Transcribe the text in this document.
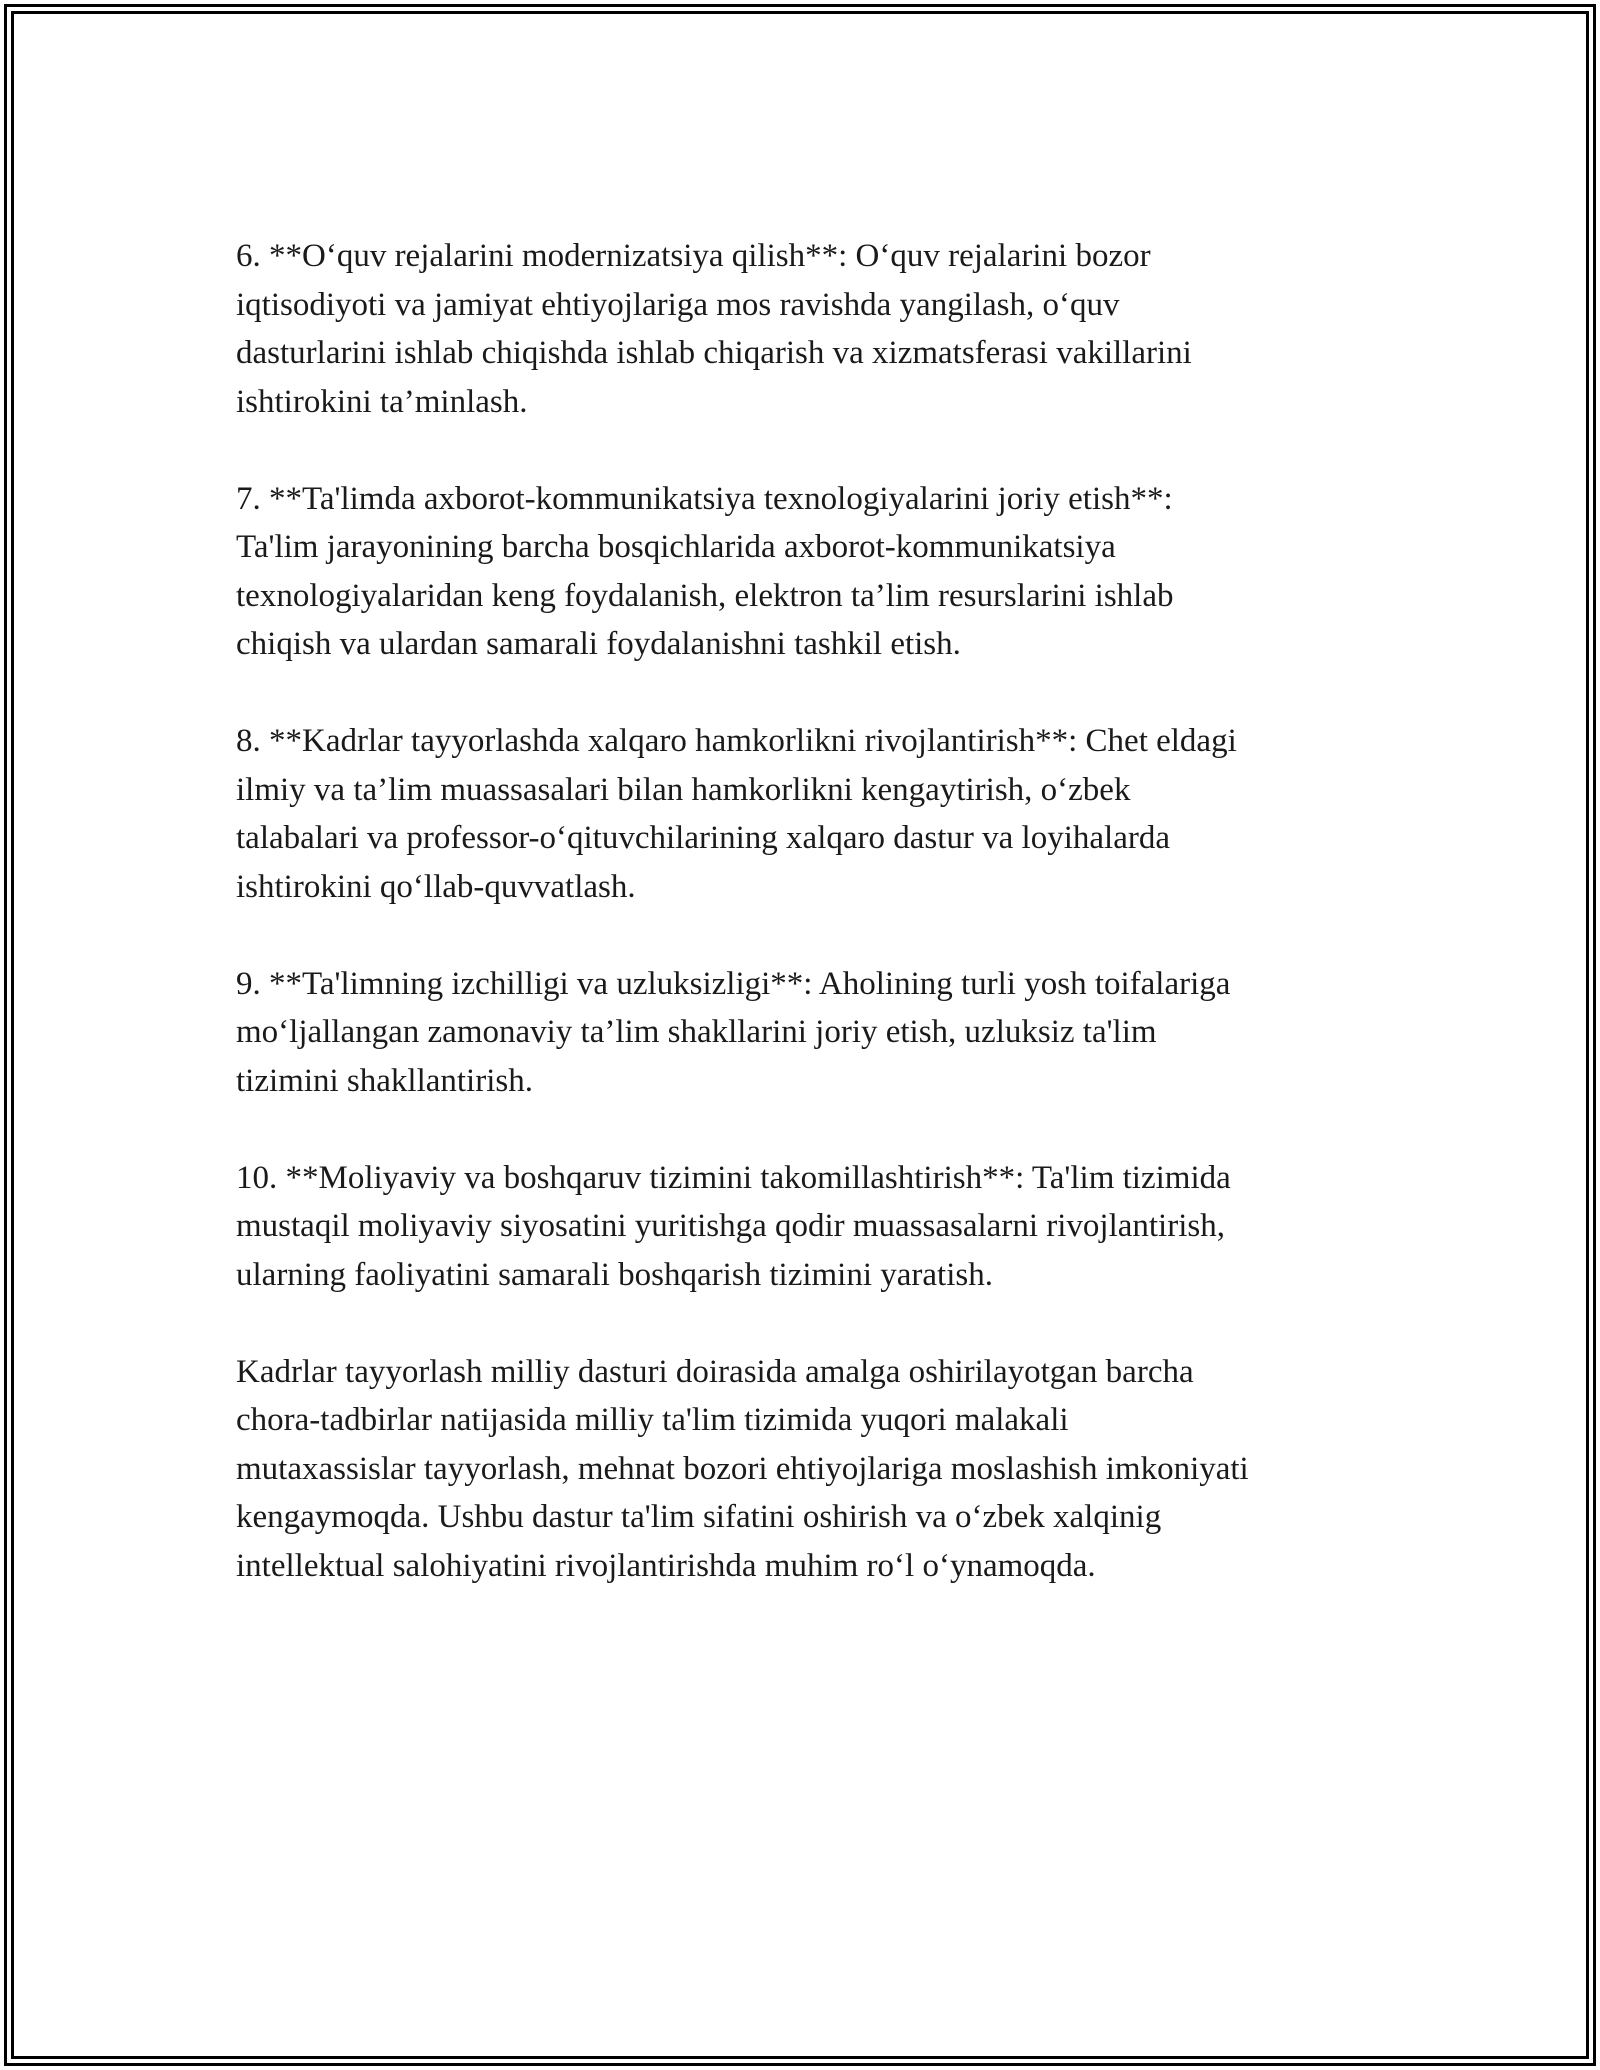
6. **O‘quv rejalarini modernizatsiya qilish**: O‘quv rejalarini bozor
iqtisodiyoti va jamiyat ehtiyojlariga mos ravishda yangilash, o‘quv
dasturlarini ishlab chiqishda ishlab chiqarish va xizmatsferasi vakillarini
ishtirokini ta’minlash.

7. **Ta'limda axborot-kommunikatsiya texnologiyalarini joriy etish**:
Ta'lim jarayonining barcha bosqichlarida axborot-kommunikatsiya
texnologiyalaridan keng foydalanish, elektron ta’lim resurslarini ishlab
chiqish va ulardan samarali foydalanishni tashkil etish.

8. **Kadrlar tayyorlashda xalqaro hamkorlikni rivojlantirish**: Chet eldagi
ilmiy va ta’lim muassasalari bilan hamkorlikni kengaytirish, o‘zbek
talabalari va professor-o‘qituvchilarining xalqaro dastur va loyihalarda
ishtirokini qo‘llab-quvvatlash.

9. **Ta'limning izchilligi va uzluksizligi**: Aholining turli yosh toifalariga
mo‘ljallangan zamonaviy ta’lim shakllarini joriy etish, uzluksiz ta'lim
tizimini shakllantirish.

10. **Moliyaviy va boshqaruv tizimini takomillashtirish**: Ta'lim tizimida
mustaqil moliyaviy siyosatini yuritishga qodir muassasalarni rivojlantirish,
ularning faoliyatini samarali boshqarish tizimini yaratish.

Kadrlar tayyorlash milliy dasturi doirasida amalga oshirilayotgan barcha
chora-tadbirlar natijasida milliy ta'lim tizimida yuqori malakali
mutaxassislar tayyorlash, mehnat bozori ehtiyojlariga moslashish imkoniyati
kengaymoqda. Ushbu dastur ta'lim sifatini oshirish va o‘zbek xalqinig
intellektual salohiyatini rivojlantirishda muhim ro‘l o‘ynamoqda.
